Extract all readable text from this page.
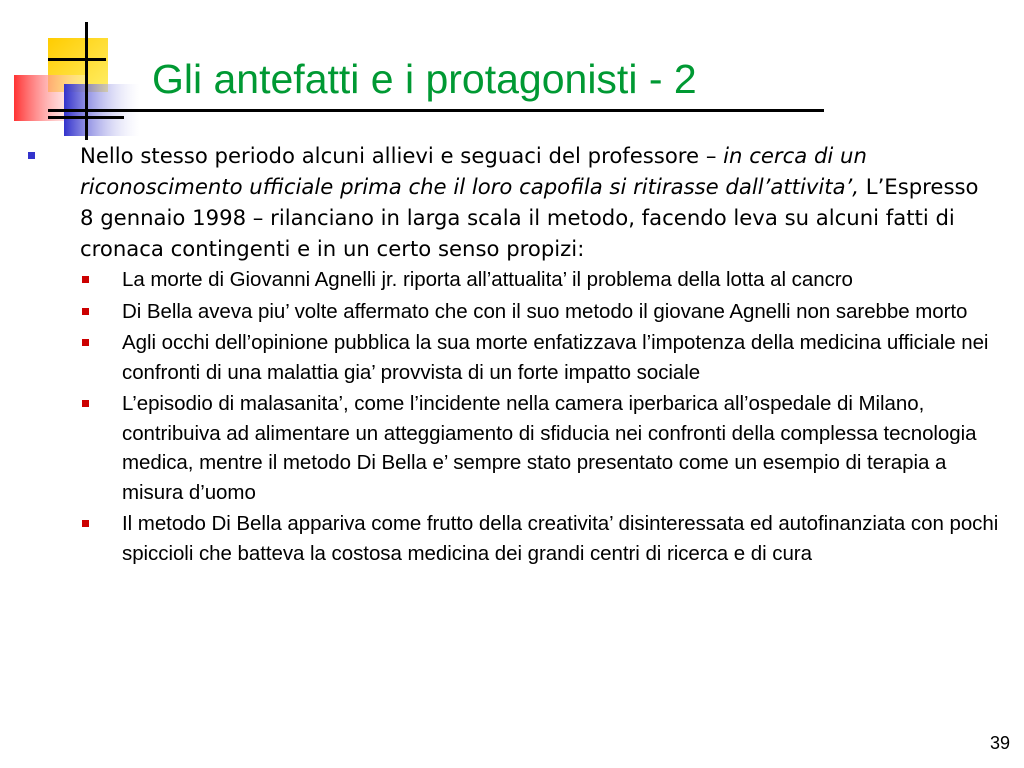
Gli antefatti e i protagonisti - 2
Nello stesso periodo alcuni allievi e seguaci del professore – in cerca di un riconoscimento ufficiale prima che il loro capofila si ritirasse dall’attivita’, L’Espresso 8 gennaio 1998 – rilanciano in larga scala il metodo, facendo leva su alcuni fatti di cronaca contingenti e in un certo senso propizi:
La morte di Giovanni Agnelli jr. riporta all’attualita’ il problema della lotta al cancro
Di Bella aveva piu’ volte affermato che con il suo metodo il giovane Agnelli non sarebbe morto
Agli occhi dell’opinione pubblica la sua morte enfatizzava l’impotenza della medicina ufficiale nei confronti di una malattia gia’ provvista di un forte impatto sociale
L’episodio di malasanita’, come l’incidente nella camera iperbarica all’ospedale di Milano, contribuiva ad alimentare un atteggiamento di sfiducia nei confronti della complessa tecnologia medica, mentre il metodo Di Bella e’ sempre stato presentato come un esempio di terapia a misura d’uomo
Il metodo Di Bella appariva come frutto della creativita’ disinteressata ed autofinanziata con pochi spiccioli che batteva la costosa medicina dei grandi centri di ricerca e di cura
39
